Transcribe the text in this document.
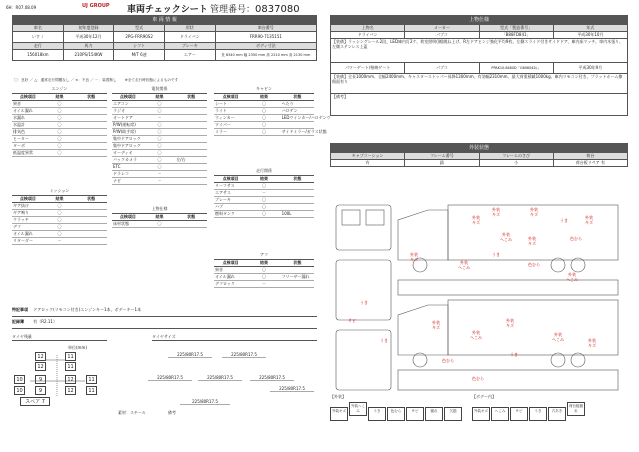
6H：R07.08.09	UJ GROUP 車両チェックシート 管理番号：0837080
車 両 情 報				
車名	初年度登録	型式	形状	車台番号
いすゞ	平成30年12月	2PG-FRR90S2	ドライバン	FRR90-7135151
走行	馬力	シフト	ブレーキ	ボディ寸法
156018km	210PS/154KW	M/T 6速	エアー	長 6340 mm 幅 2350 mm 高 2210 mm 高 2130 mm
〇：良好 ／ △：通常走行問題なし ／ ×：不良 ／ －：装着無し 　　※全て走行時状態によるものです
エンジン		
点検項目	結果	状態
異音	〇	
オイル漏れ	〇	
水漏れ	〇	
水温計	〇	
排気色	〇	
ヒーター	〇	
ターボ	〇	
低温度異常	〇	
ミッション		
点検項目	結果	状態
ギア抜け	〇	
ギア鳴り	〇	
クラッチ	〇	
デフ	〇	
オイル漏れ	〇	
リターダー	－	
電装関係		
点検項目	結果	状態
エアコン	〇	
ラジオ	〇	
オートドア	－	
P/W(運転席)	〇	
P/W(助手席)	〇	
集中ドアロック	〇	
集中ドアロック	〇	
オーディオ	〇	
バックカメラ	〇	左/右
ETC	〇	
ドラレコ	－	
ナビ	－	
上物仕様		
点検項目	結果	状態
床材状態	〇	
キャビン		
点検項目	結果	状態
シート	〇	へたり
ライト	〇	ハロゲン
ウィンカー	〇	LEDウインカー/ハロゲンウ
ワイパー	〇	
ミラー	〇	サイドミラー/ガラス状態
走行関係		
点検項目	結果	状態
リーフサス	〇	
エアサス	－	
ブレーキ	〇	
ハブ	〇	
燃料タンク	〇	100L
アフ		
点検項目	結果	状態
異音	〇	
オイル漏れ	〇	フリーザー漏れ
デフロック	－	
特記事項 ドアロック(リモコン付き)エンジンキー1本、ボデーキー1本
記録簿 有（R2.11）
タイヤ残量	タイヤサイズ
単位(mm)
12	11
12	11
10	9	12	11
10	9	12	11
スペア 7
225/80R17.5	225/80R17.5
225/80R17.5	225/80R17.5	225/80R17.5
225/80R17.5
225/80R17.5
素材：スチール	備考
上物仕様			
上物名	メーカー	型式「製造番号」	年式
ドライバン	パブコ	「B88FD841」	平成30年10月
【装備】ラッシングレール2段、LED庫内灯2ケ、荷室照明(側)跳ね上げ、R左ドアヒンジ強化平均9枚、左側スライド付きサイドドア、庫内床マッチ、車内木張り、左側ステンレス上蓋			
パワーゲート/格納ゲート	パブコ	PPAK10-6480D「G606042L」	平成30年9月
【装備】全長1000mm、全幅2400mm、キャスターストッパー昇降1300mm、有効幅2310mm、最大荷重積載1000kg、庫内リモコン付き、プラットホーム擦傷面有り			
【備考】			
外装状態			
キャブコーション	フレーム番号	フレームのさび	荷台
有	錆	小	荷台板リペア 有
外装
キズ
外装
キズ
外装
キズ
うき
外装
キズ
外装
へこみ	外装
キズ
色むら
うき
外装
へこみ
色むら
外装
へこみ
外装
キズ
うき
うき
サビ	外装
キズ
外装
へこみ
外装
キズ
外装
へこみ	外装
キズ
色むら
うき
色むら
【外装】	【ボデー内】
外装キズ外装へこみ	うき	色むら	サビ	割れ	欠損	外装キズ へこみ	サビ	うき	穴あき荷台板割れ
